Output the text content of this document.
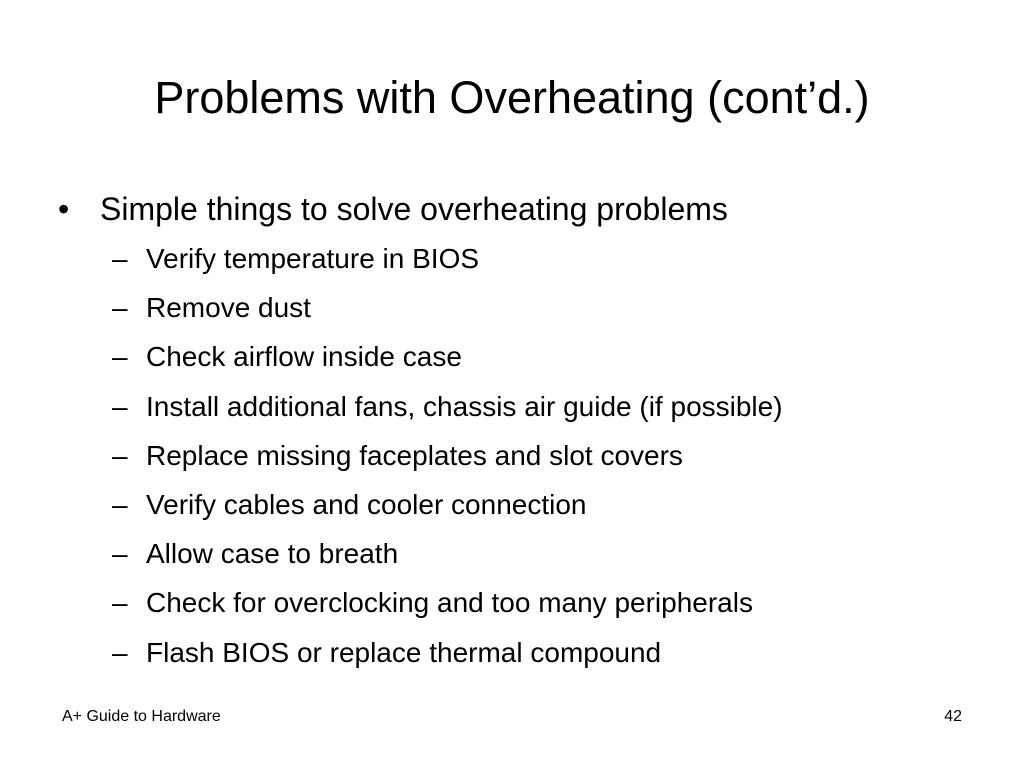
Problems with Overheating (cont’d.)
• Simple things to solve overheating problems
– Verify temperature in BIOS
– Remove dust
– Check airflow inside case
– Install additional fans, chassis air guide (if possible)
– Replace missing faceplates and slot covers
– Verify cables and cooler connection
– Allow case to breath
– Check for overclocking and too many peripherals
– Flash BIOS or replace thermal compound
A+ Guide to Hardware	42
